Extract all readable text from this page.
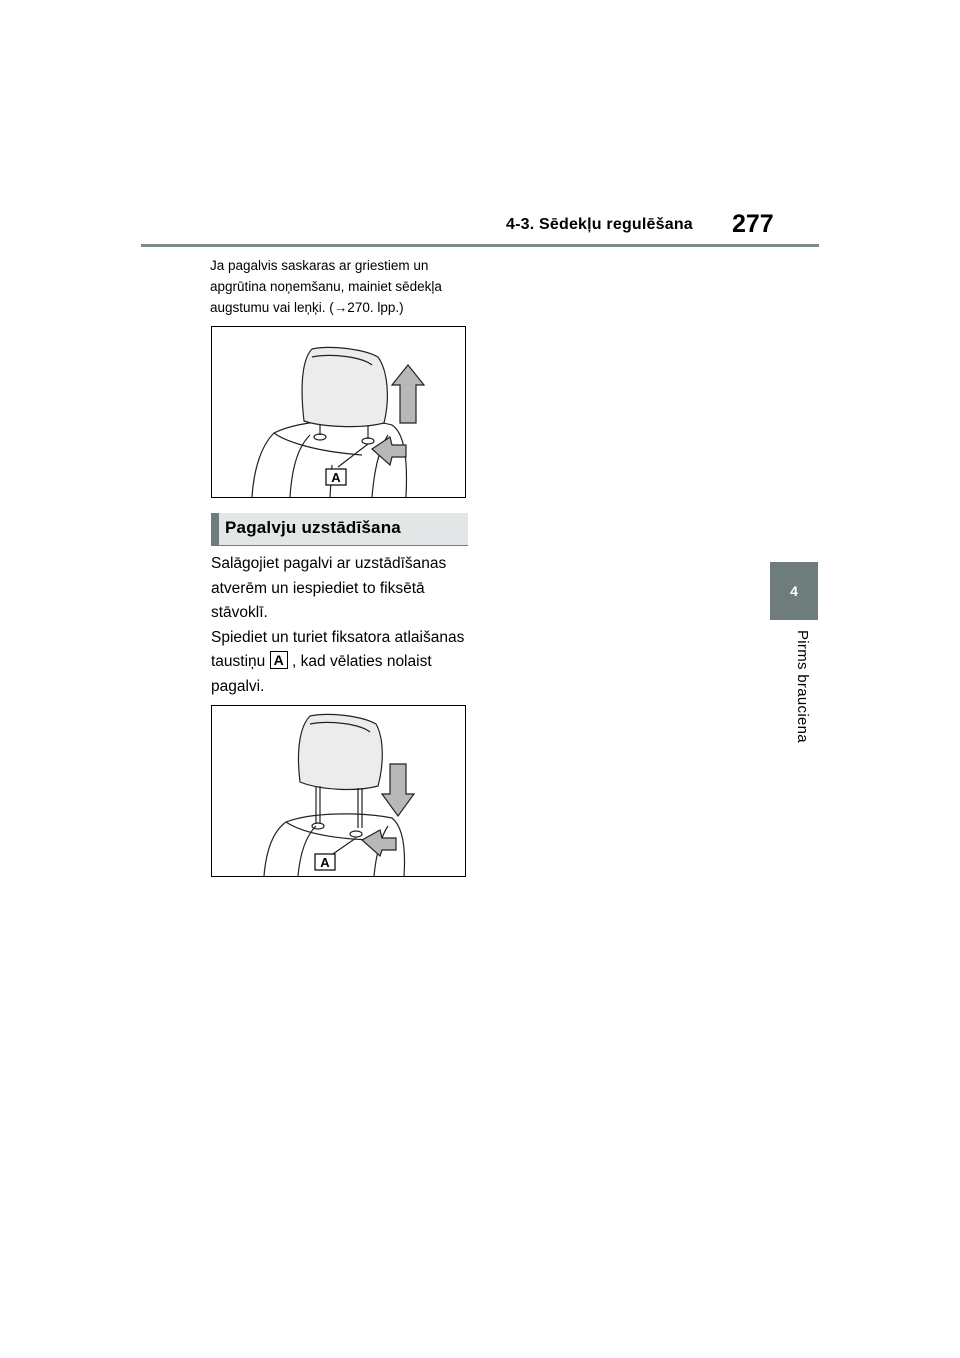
4-3. Sēdekļu regulēšana 277
4
Pirms brauciena
Ja pagalvis saskaras ar griestiem un apgrūtina noņemšanu, mainiet sēdekļa augstumu vai leņķi. (→270. lpp.)
A
Pagalvju uzstādīšana

Salāgojiet pagalvi ar uzstādīšanas atverēm un iespiediet to fiksētā stāvoklī.

Spiediet un turiet fiksatora atlaišanas taustiņu A , kad vēlaties nolaist pagalvi.

A
